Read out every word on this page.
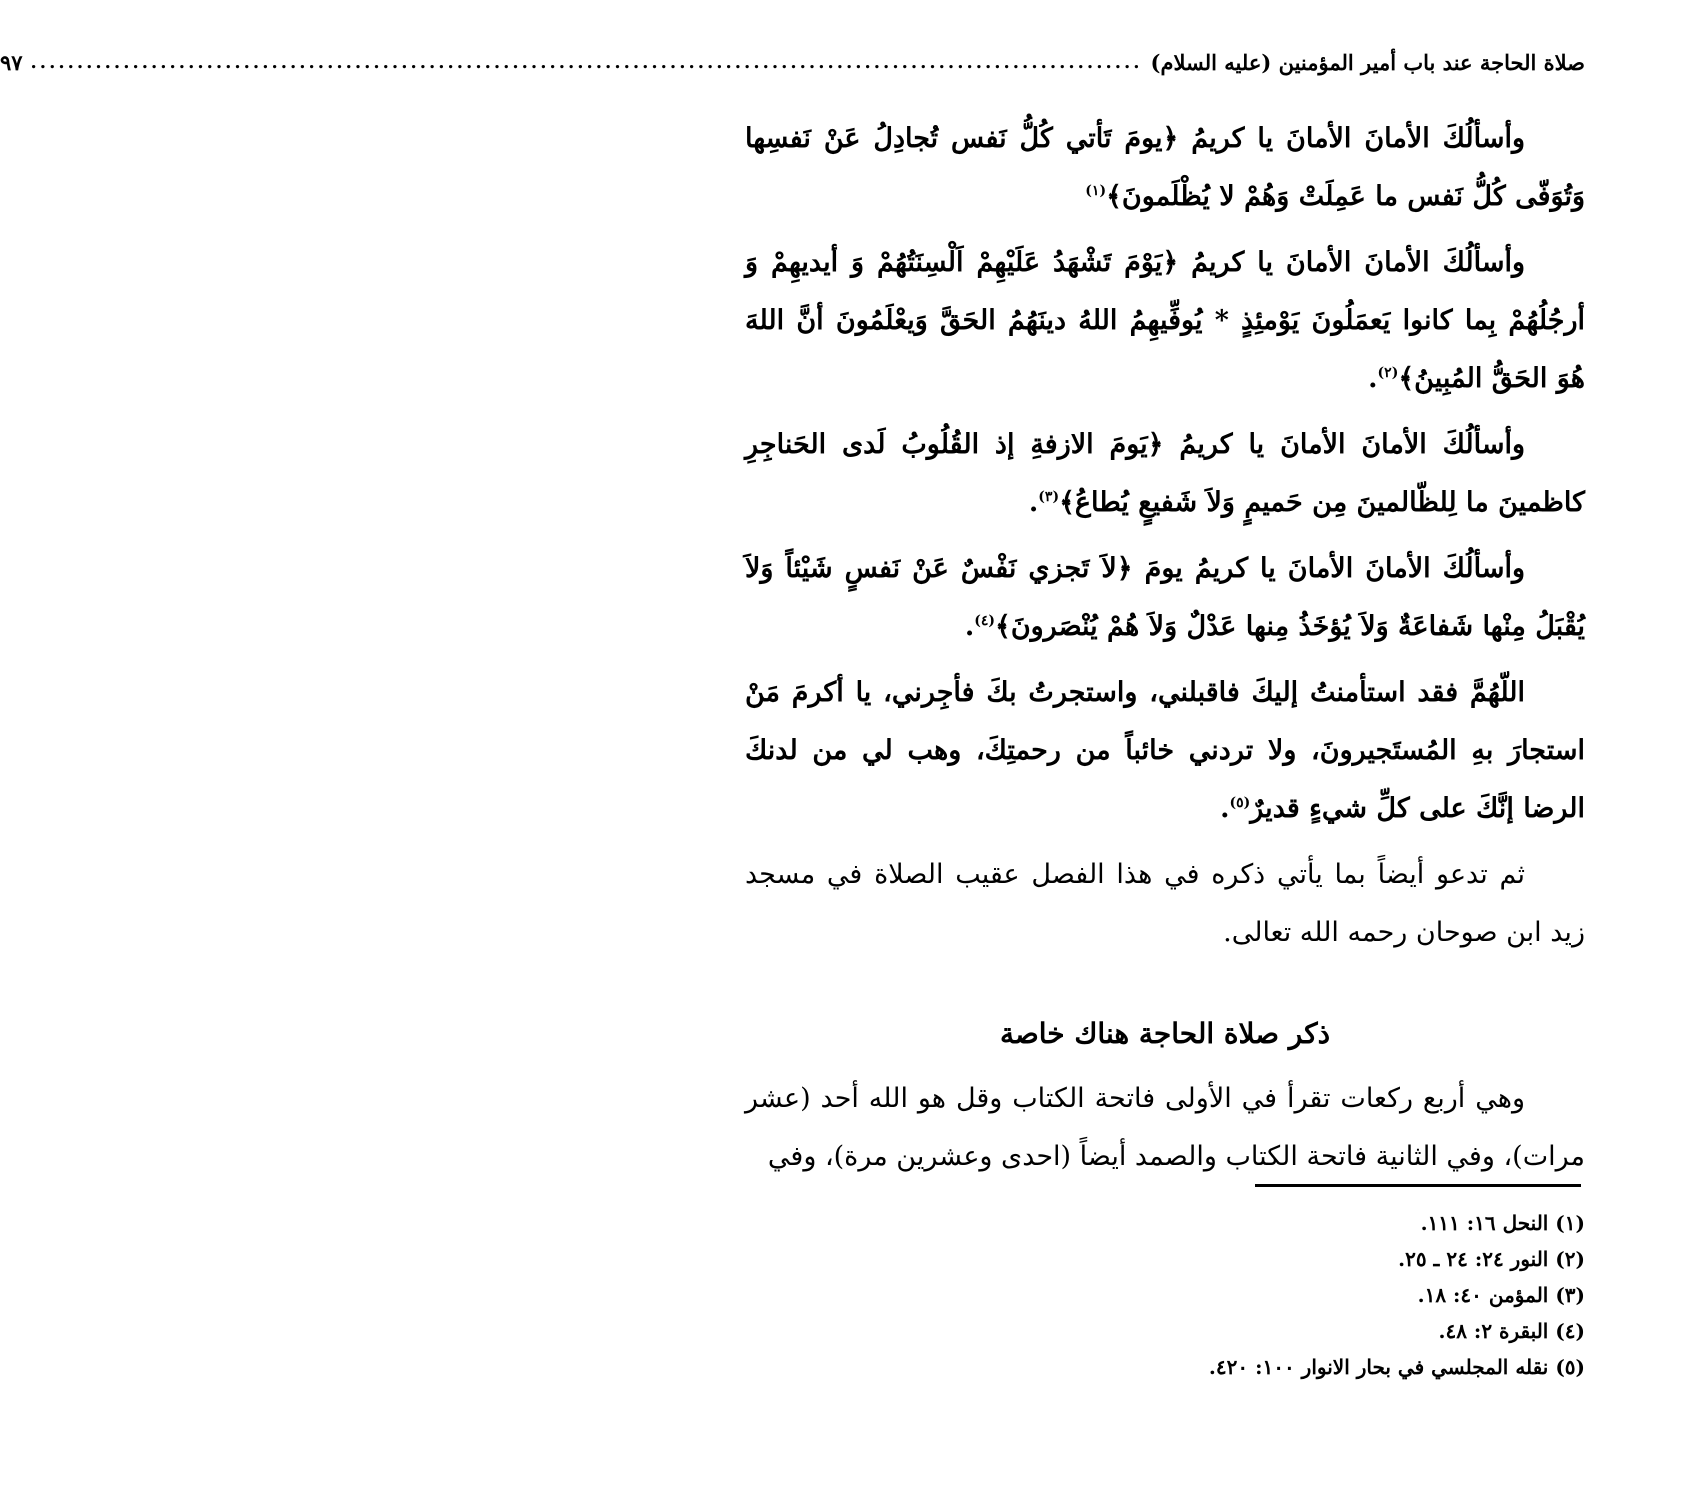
صلاة الحاجة عند باب أمير المؤمنين (عليه السلام)
........................................................................................................................
٩٧

وأسألُكَ الأمانَ الأمانَ يا كريمُ ﴿يومَ تَأتي كُلُّ نَفس تُجادِلُ عَنْ نَفسِها وَتُوَفّى كُلُّ نَفس ما عَمِلَتْ وَهُمْ لا يُظْلَمونَ﴾$^{(١)}$

وأسألُكَ الأمانَ الأمانَ يا كريمُ ﴿يَوْمَ تَشْهَدُ عَلَيْهِمْ اَلْسِنَتُهُمْ وَ أيديهِمْ وَ أرجُلُهُمْ بِما كانوا يَعمَلُونَ يَوْمئِذٍ * يُوفِّيهِمُ اللهُ دينَهُمُ الحَقَّ وَيعْلَمُونَ أنَّ اللهَ هُوَ الحَقُّ المُبِينُ﴾$^{(٢)}$.

وأسألُكَ الأمانَ الأمانَ يا كريمُ ﴿يَومَ الازفةِ إذ القُلُوبُ لَدى الحَناجِرِ كاظمينَ ما لِلظّالمينَ مِن حَميمٍ وَلاَ شَفيعٍ يُطاعُ﴾$^{(٣)}$.

وأسألُكَ الأمانَ الأمانَ يا كريمُ يومَ ﴿لاَ تَجزي نَفْسٌ عَنْ نَفسٍ شَيْئاً وَلاَ يُقْبَلُ مِنْها شَفاعَةٌ وَلاَ يُؤخَذُ مِنها عَدْلٌ وَلاَ هُمْ يُنْصَرونَ﴾$^{(٤)}$.

اللّهُمَّ فقد استأمنتُ إليكَ فاقبلني، واستجرتُ بكَ فأجِرني، يا أكرمَ مَنْ استجارَ بهِ المُستَجيرونَ، ولا تردني خائباً من رحمتِكَ، وهب لي من لدنكَ الرضا إنَّكَ على كلِّ شيءٍ قديرٌ$^{(٥)}$.

ثم تدعو أيضاً بما يأتي ذكره في هذا الفصل عقيب الصلاة في مسجد زيد ابن صوحان رحمه الله تعالى.

ذكر صلاة الحاجة هناك خاصة

وهي أربع ركعات تقرأ في الأولى فاتحة الكتاب وقل هو الله أحد (عشر مرات)، وفي الثانية فاتحة الكتاب والصمد أيضاً (احدى وعشرين مرة)، وفي

(١) النحل ١٦: ١١١.

(٢) النور ٢٤: ٢٤ ـ ٢٥.

(٣) المؤمن ٤٠: ١٨.

(٤) البقرة ٢: ٤٨.

(٥) نقله المجلسي في بحار الانوار ١٠٠: ٤٢٠.
